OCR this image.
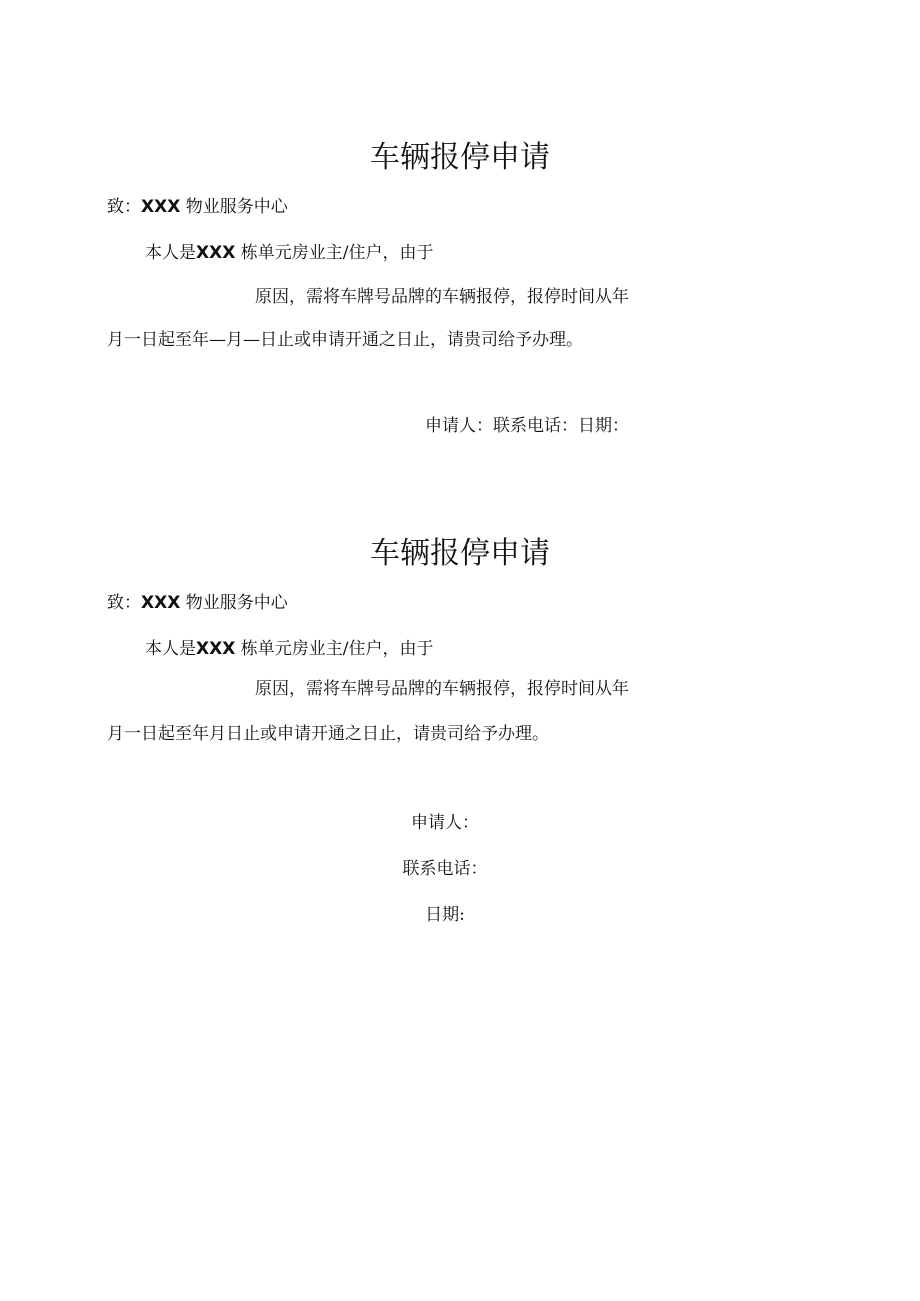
车辆报停申请
致：XXX 物业服务中心
本人是XXX 栋单元房业主/住户，由于
原因，需将车牌号品牌的车辆报停，报停时间从年
月一日起至年—月—日止或申请开通之日止，请贵司给予办理。
申请人：联系电话：日期：
车辆报停申请
致：XXX 物业服务中心
本人是XXX 栋单元房业主/住户，由于
原因，需将车牌号品牌的车辆报停，报停时间从年
月一日起至年月日止或申请开通之日止，请贵司给予办理。
申请人：
联系电话：
日期:
